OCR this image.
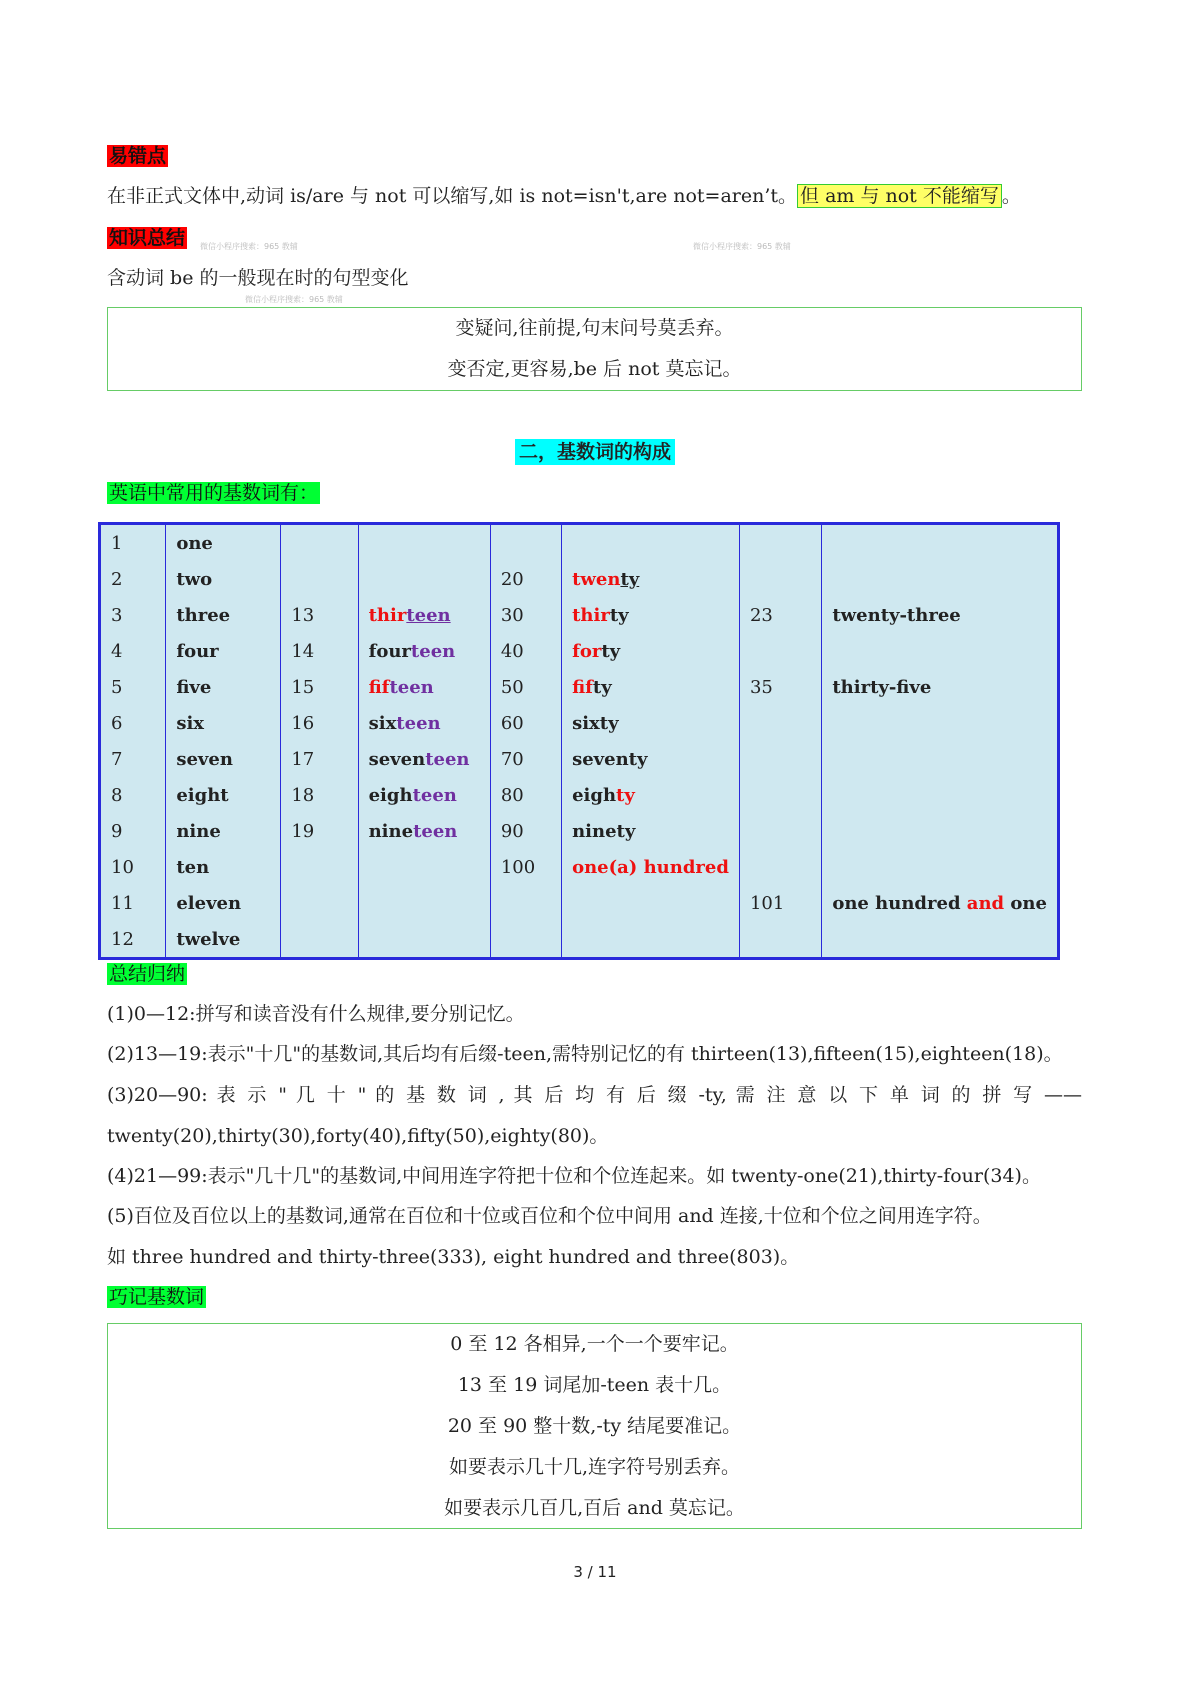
易错点
在非正式文体中,动词 is/are 与 not 可以缩写,如 is not=isn't,are not=aren’t。 但 am 与 not 不能缩写 。
知识总结
含动词 be 的一般现在时的句型变化
变疑问,往前提,句末问号莫丢弃。
变否定,更容易,be 后 not 莫忘记。
二，基数词的构成
英语中常用的基数词有：
1	one						
2	two			20	twenty		
3	three	13	thirteen	30	thirty	23	twenty-three
4	four	14	fourteen	40	forty		
5	five	15	fifteen	50	fifty	35	thirty-five
6	six	16	sixteen	60	sixty		
7	seven	17	seventeen	70	seventy		
8	eight	18	eighteen	80	eighty		
9	nine	19	nineteen	90	ninety		
10	ten			100	one(a) hundred		
11	eleven					101	one hundred and one
12	twelve						
总结归纳
(1)0—12:拼写和读音没有什么规律,要分别记忆。
(2)13—19:表示"十几"的基数词,其后均有后缀-teen,需特别记忆的有 thirteen(13),fifteen(15),eighteen(18)。
(3)20—90: 表 示 " 几 十 " 的 基 数 词 , 其 后 均 有 后 缀 -ty, 需 注 意 以 下 单 词 的 拼 写 ——
twenty(20),thirty(30),forty(40),fifty(50),eighty(80)。
(4)21—99:表示"几十几"的基数词,中间用连字符把十位和个位连起来。如 twenty-one(21),thirty-four(34)。
(5)百位及百位以上的基数词,通常在百位和十位或百位和个位中间用 and 连接,十位和个位之间用连字符。
如 three hundred and thirty-three(333), eight hundred and three(803)。
巧记基数词
0 至 12 各相异,一个一个要牢记。
13 至 19 词尾加-teen 表十几。
20 至 90 整十数,-ty 结尾要准记。
如要表示几十几,连字符号别丢弃。
如要表示几百几,百后 and 莫忘记。
微信小程序搜索：965 教辅	微信小程序搜索：965 教辅
微信小程序搜索：965 教辅
3 / 11
